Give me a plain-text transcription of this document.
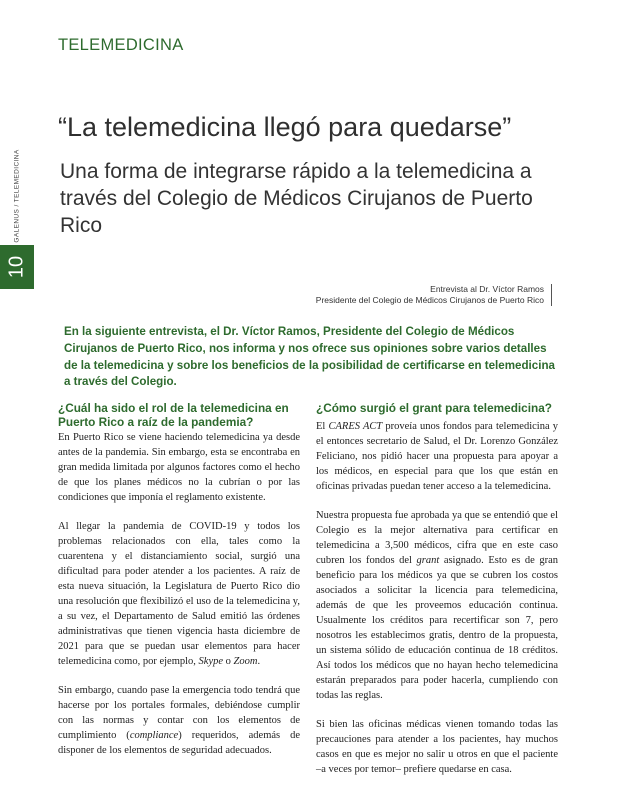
TELEMEDICINA
GALENUS / TELEMEDICINA
10
“La telemedicina llegó para quedarse”
Una forma de integrarse rápido a la telemedicina a través del Colegio de Médicos Cirujanos de Puerto Rico
Entrevista al Dr. Víctor Ramos
Presidente del Colegio de Médicos Cirujanos de Puerto Rico

En la siguiente entrevista, el Dr. Víctor Ramos, Presidente del Colegio de Médicos Cirujanos de Puerto Rico, nos informa y nos ofrece sus opiniones sobre varios detalles de la telemedicina y sobre los beneficios de la posibilidad de certificarse en telemedicina a través del Colegio.

¿Cuál ha sido el rol de la telemedicina en Puerto Rico a raíz de la pandemia?

En Puerto Rico se viene haciendo telemedicina ya desde antes de la pandemia. Sin embargo, esta se encontraba en gran medida limitada por algunos factores como el hecho de que los planes médicos no la cubrían o por las condiciones que imponía el reglamento existente.

Al llegar la pandemia de COVID-19 y todos los problemas relacionados con ella, tales como la cuarentena y el distanciamiento social, surgió una dificultad para poder atender a los pacientes. A raíz de esta nueva situación, la Legislatura de Puerto Rico dio una resolución que flexibilizó el uso de la telemedicina y, a su vez, el Departamento de Salud emitió las órdenes administrativas que tienen vigencia hasta diciembre de 2021 para que se puedan usar elementos para hacer telemedicina como, por ejemplo, Skype o Zoom.

Sin embargo, cuando pase la emergencia todo tendrá que hacerse por los portales formales, debiéndose cumplir con las normas y contar con los elementos de cumplimiento (compliance) requeridos, además de disponer de los elementos de seguridad adecuados.

¿Cómo surgió el grant para telemedicina?

El CARES ACT proveía unos fondos para telemedicina y el entonces secretario de Salud, el Dr. Lorenzo González Feliciano, nos pidió hacer una propuesta para apoyar a los médicos, en especial para que los que están en oficinas privadas puedan tener acceso a la telemedicina.

Nuestra propuesta fue aprobada ya que se entendió que el Colegio es la mejor alternativa para certificar en telemedicina a 3,500 médicos, cifra que en este caso cubren los fondos del grant asignado. Esto es de gran beneficio para los médicos ya que se cubren los costos asociados a solicitar la licencia para telemedicina, además de que les proveemos educación continua. Usualmente los créditos para recertificar son 7, pero nosotros les establecimos gratis, dentro de la propuesta, un sistema sólido de educación continua de 18 créditos. Así todos los médicos que no hayan hecho telemedicina estarán preparados para poder hacerla, cumpliendo con todas las reglas.

Si bien las oficinas médicas vienen tomando todas las precauciones para atender a los pacientes, hay muchos casos en que es mejor no salir u otros en que el paciente –a veces por temor– prefiere quedarse en casa.
